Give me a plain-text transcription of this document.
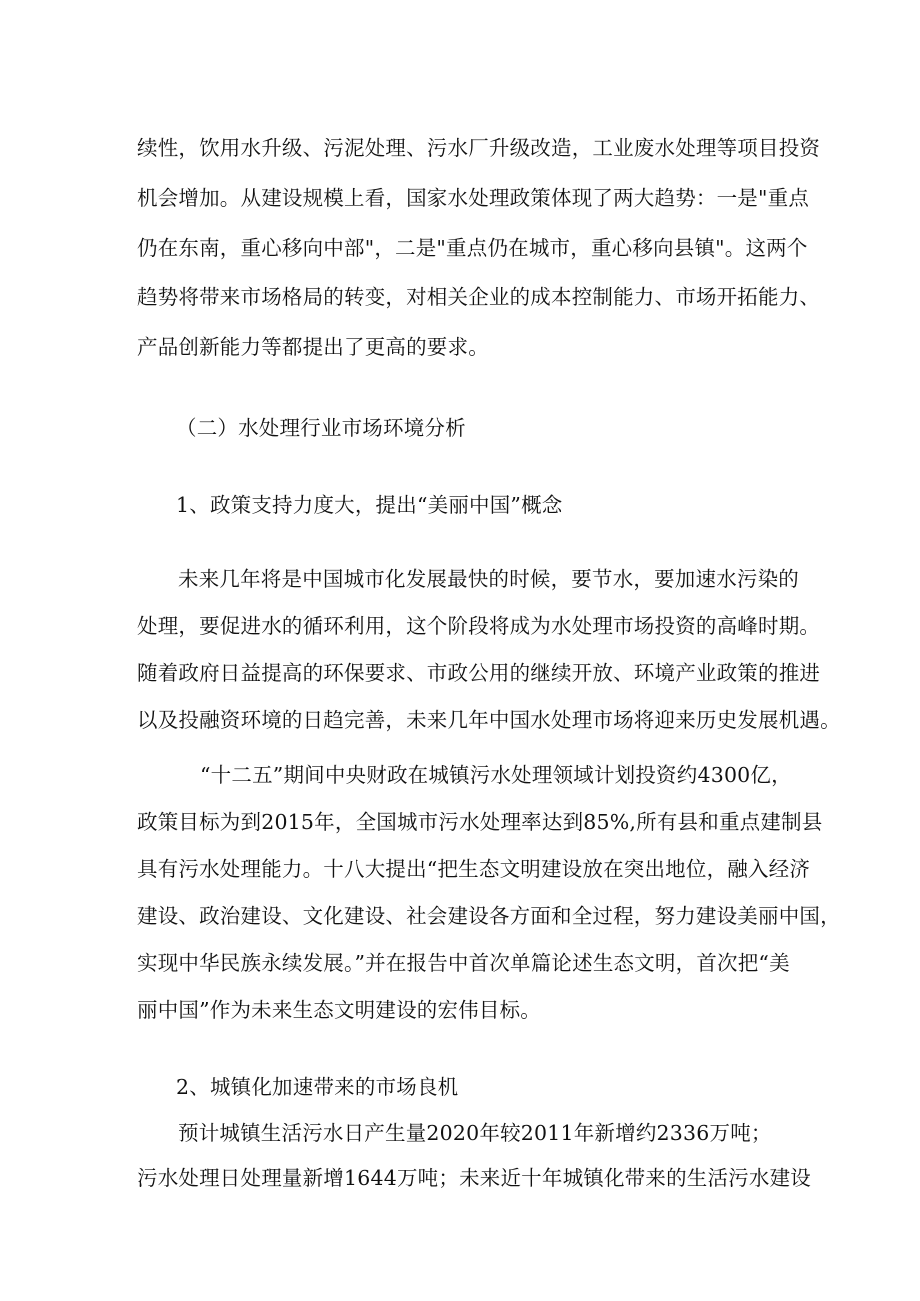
续性，饮用水升级、污泥处理、污水厂升级改造，工业废水处理等项目投资
机会增加。从建设规模上看，国家水处理政策体现了两大趋势：一是"重点
仍在东南，重心移向中部"，二是"重点仍在城市，重心移向县镇"。这两个
趋势将带来市场格局的转变，对相关企业的成本控制能力、市场开拓能力、
产品创新能力等都提出了更高的要求。
（二）水处理行业市场环境分析
1、政策支持力度大，提出“美丽中国”概念
未来几年将是中国城市化发展最快的时候，要节水，要加速水污染的
处理，要促进水的循环利用，这个阶段将成为水处理市场投资的高峰时期。
随着政府日益提高的环保要求、市政公用的继续开放、环境产业政策的推进
以及投融资环境的日趋完善，未来几年中国水处理市场将迎来历史发展机遇。
“十二五”期间中央财政在城镇污水处理领域计划投资约4300亿，
政策目标为到2015年，全国城市污水处理率达到85%,所有县和重点建制县
具有污水处理能力。十八大提出“把生态文明建设放在突出地位，融入经济
建设、政治建设、文化建设、社会建设各方面和全过程，努力建设美丽中国，
实现中华民族永续发展。”并在报告中首次单篇论述生态文明，首次把“美
丽中国”作为未来生态文明建设的宏伟目标。
2、城镇化加速带来的市场良机
预计城镇生活污水日产生量2020年较2011年新增约2336万吨；
污水处理日处理量新增1644万吨；未来近十年城镇化带来的生活污水建设
